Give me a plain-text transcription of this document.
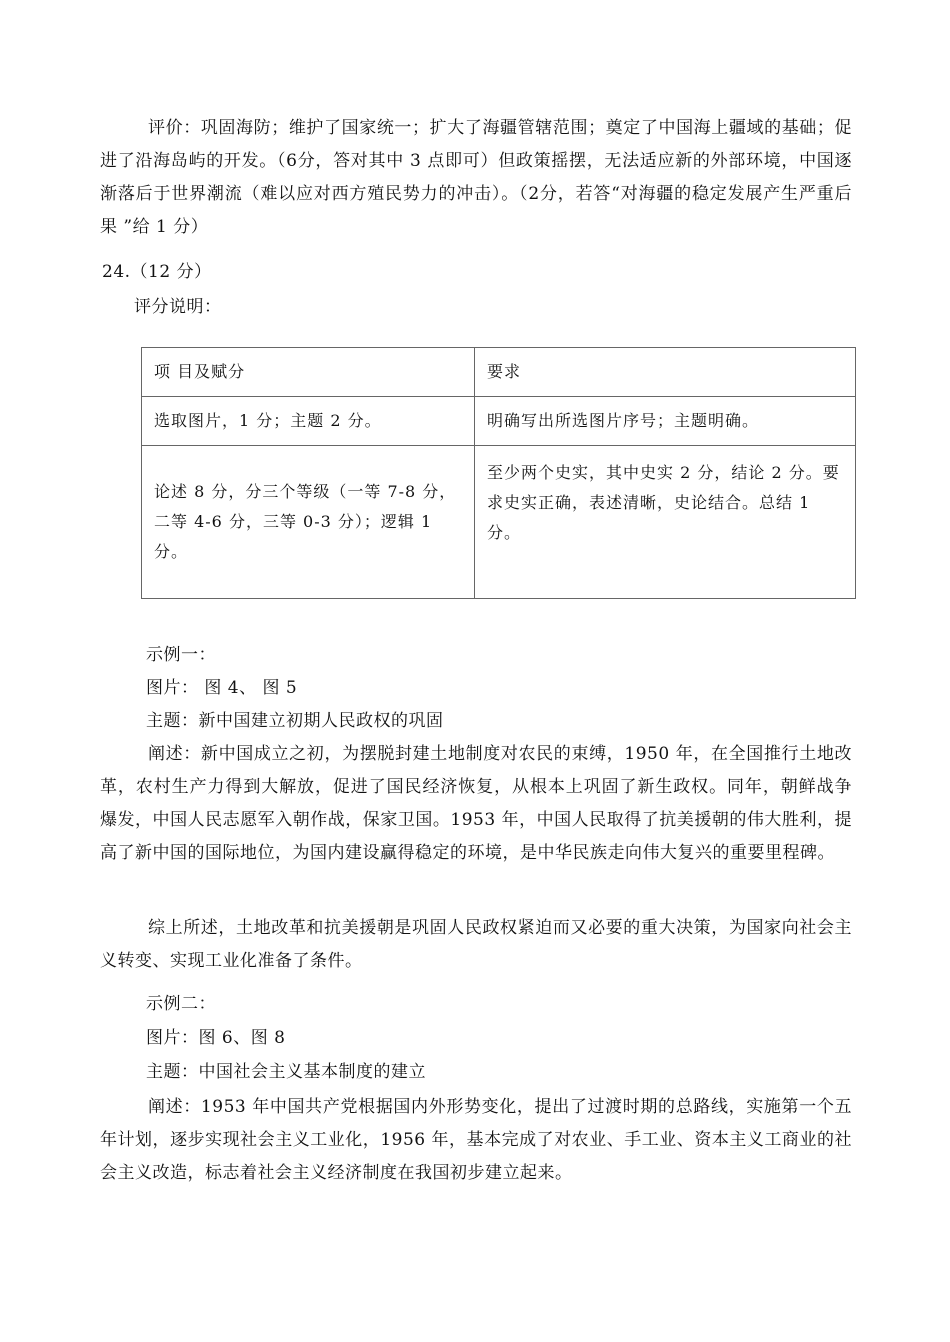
评价：巩固海防；维护了国家统一；扩大了海疆管辖范围；奠定了中国海上疆域的基础；促进了沿海岛屿的开发。（6分，答对其中 3 点即可）但政策摇摆，无法适应新的外部环境，中国逐渐落后于世界潮流（难以应对西方殖民势力的冲击）。（2分，若答“对海疆的稳定发展产生严重后果 ”给 1 分）

24.（12 分）
评分说明：
项 目及赋分	要求
选取图片，1 分；主题 2 分。	明确写出所选图片序号；主题明确。
论述 8 分，分三个等级（一等 7-8 分，二等 4-6 分，三等 0-3 分）；逻辑 1 分。	至少两个史实，其中史实 2 分，结论 2 分。要求史实正确，表述清晰，史论结合。总结 1 分。
示例一：
图片： 图 4、 图 5
主题：新中国建立初期人民政权的巩固

阐述：新中国成立之初，为摆脱封建土地制度对农民的束缚，1950 年，在全国推行土地改革，农村生产力得到大解放，促进了国民经济恢复，从根本上巩固了新生政权。同年，朝鲜战争爆发，中国人民志愿军入朝作战，保家卫国。1953 年，中国人民取得了抗美援朝的伟大胜利，提高了新中国的国际地位，为国内建设赢得稳定的环境，是中华民族走向伟大复兴的重要里程碑。

综上所述，土地改革和抗美援朝是巩固人民政权紧迫而又必要的重大决策，为国家向社会主义转变、实现工业化准备了条件。

示例二：
图片：图 6、图 8
主题：中国社会主义基本制度的建立

阐述：1953 年中国共产党根据国内外形势变化，提出了过渡时期的总路线，实施第一个五年计划，逐步实现社会主义工业化，1956 年，基本完成了对农业、手工业、资本主义工商业的社会主义改造，标志着社会主义经济制度在我国初步建立起来。
